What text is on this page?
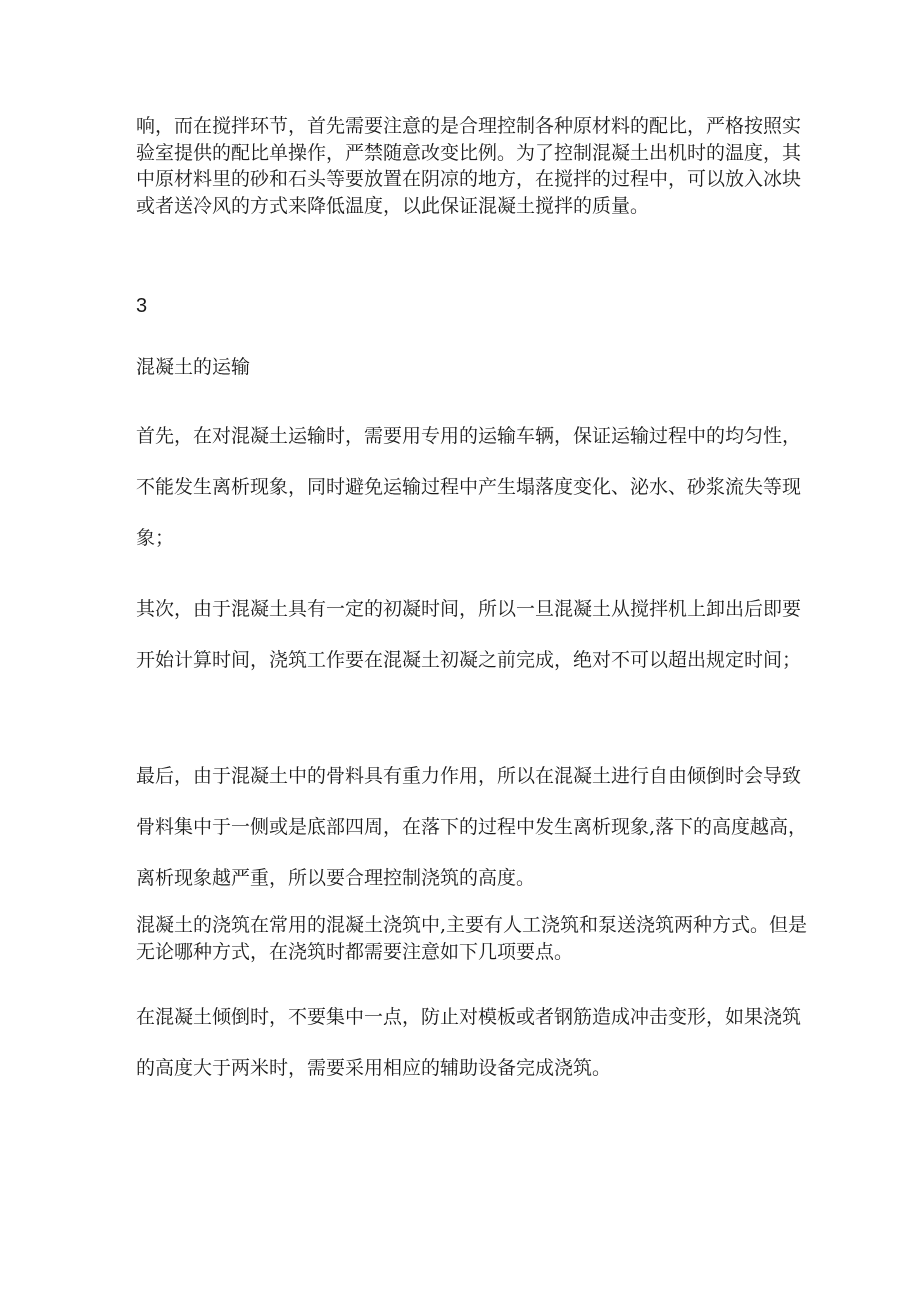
响，而在搅拌环节，首先需要注意的是合理控制各种原材料的配比，严格按照实验室提供的配比单操作，严禁随意改变比例。为了控制混凝土出机时的温度，其中原材料里的砂和石头等要放置在阴凉的地方，在搅拌的过程中，可以放入冰块或者送冷风的方式来降低温度，以此保证混凝土搅拌的质量。

3

混凝土的运输

首先，在对混凝土运输时，需要用专用的运输车辆，保证运输过程中的均匀性，不能发生离析现象，同时避免运输过程中产生塌落度变化、泌水、砂浆流失等现象；

其次，由于混凝土具有一定的初凝时间，所以一旦混凝土从搅拌机上卸出后即要开始计算时间，浇筑工作要在混凝土初凝之前完成，绝对不可以超出规定时间；

最后，由于混凝土中的骨料具有重力作用，所以在混凝土进行自由倾倒时会导致骨料集中于一侧或是底部四周，在落下的过程中发生离析现象,落下的高度越高，离析现象越严重，所以要合理控制浇筑的高度。

混凝土的浇筑在常用的混凝土浇筑中,主要有人工浇筑和泵送浇筑两种方式。但是无论哪种方式，在浇筑时都需要注意如下几项要点。

在混凝土倾倒时，不要集中一点，防止对模板或者钢筋造成冲击变形，如果浇筑的高度大于两米时，需要采用相应的辅助设备完成浇筑。
